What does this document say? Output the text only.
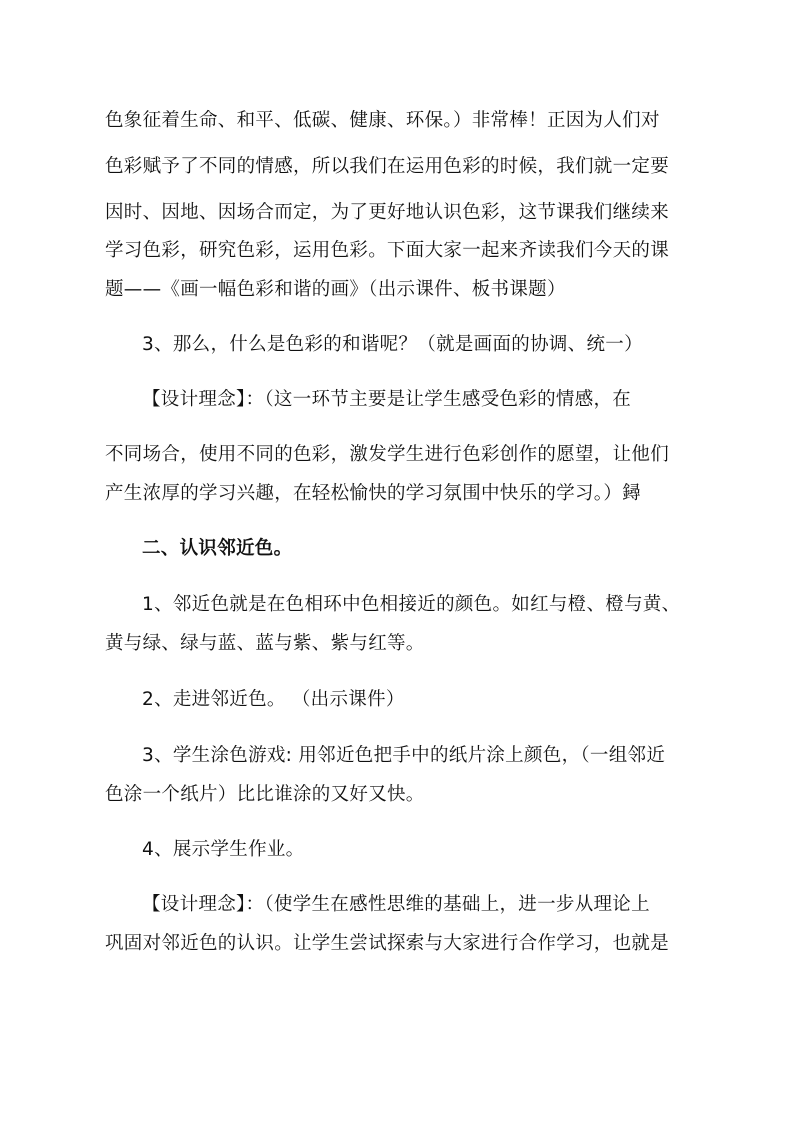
色象征着生命、和平、低碳、健康、环保。）非常棒！正因为人们对
色彩赋予了不同的情感，所以我们在运用色彩的时候，我们就一定要
因时、因地、因场合而定，为了更好地认识色彩，这节课我们继续来
学习色彩，研究色彩，运用色彩。下面大家一起来齐读我们今天的课
题——《画一幅色彩和谐的画》（出示课件、板书课题）
3、那么，什么是色彩的和谐呢？（就是画面的协调、统一）
【设计理念】：（这一环节主要是让学生感受色彩的情感，在
不同场合，使用不同的色彩，激发学生进行色彩创作的愿望，让他们
产生浓厚的学习兴趣，在轻松愉快的学习氛围中快乐的学习。）鐞
二、认识邻近色。
1、邻近色就是在色相环中色相接近的颜色。如红与橙、橙与黄、
黄与绿、绿与蓝、蓝与紫、紫与红等。
2、走进邻近色。 （出示课件）
3、学生涂色游戏: 用邻近色把手中的纸片涂上颜色，（一组邻近
色涂一个纸片）比比谁涂的又好又快。
4、展示学生作业。
【设计理念】：（使学生在感性思维的基础上，进一步从理论上
巩固对邻近色的认识。让学生尝试探索与大家进行合作学习，也就是
